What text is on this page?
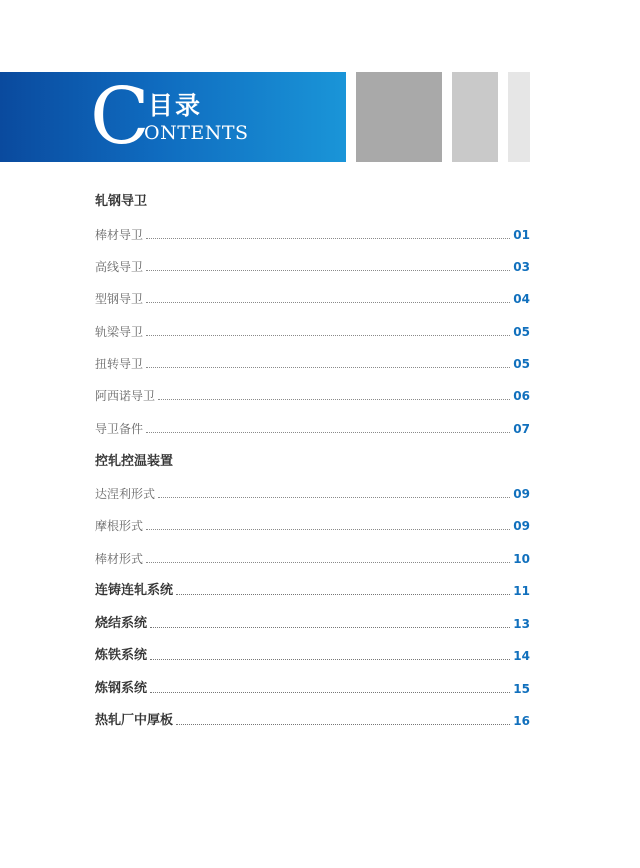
C
目录
ONTENTS
轧钢导卫
棒材导卫	01
高线导卫	03
型钢导卫	04
轨梁导卫	05
扭转导卫	05
阿西诺导卫	06
导卫备件	07
控轧控温装置
达涅利形式	09
摩根形式	09
棒材形式	10
连铸连轧系统	11
烧结系统	13
炼铁系统	14
炼钢系统	15
热轧厂中厚板	16
